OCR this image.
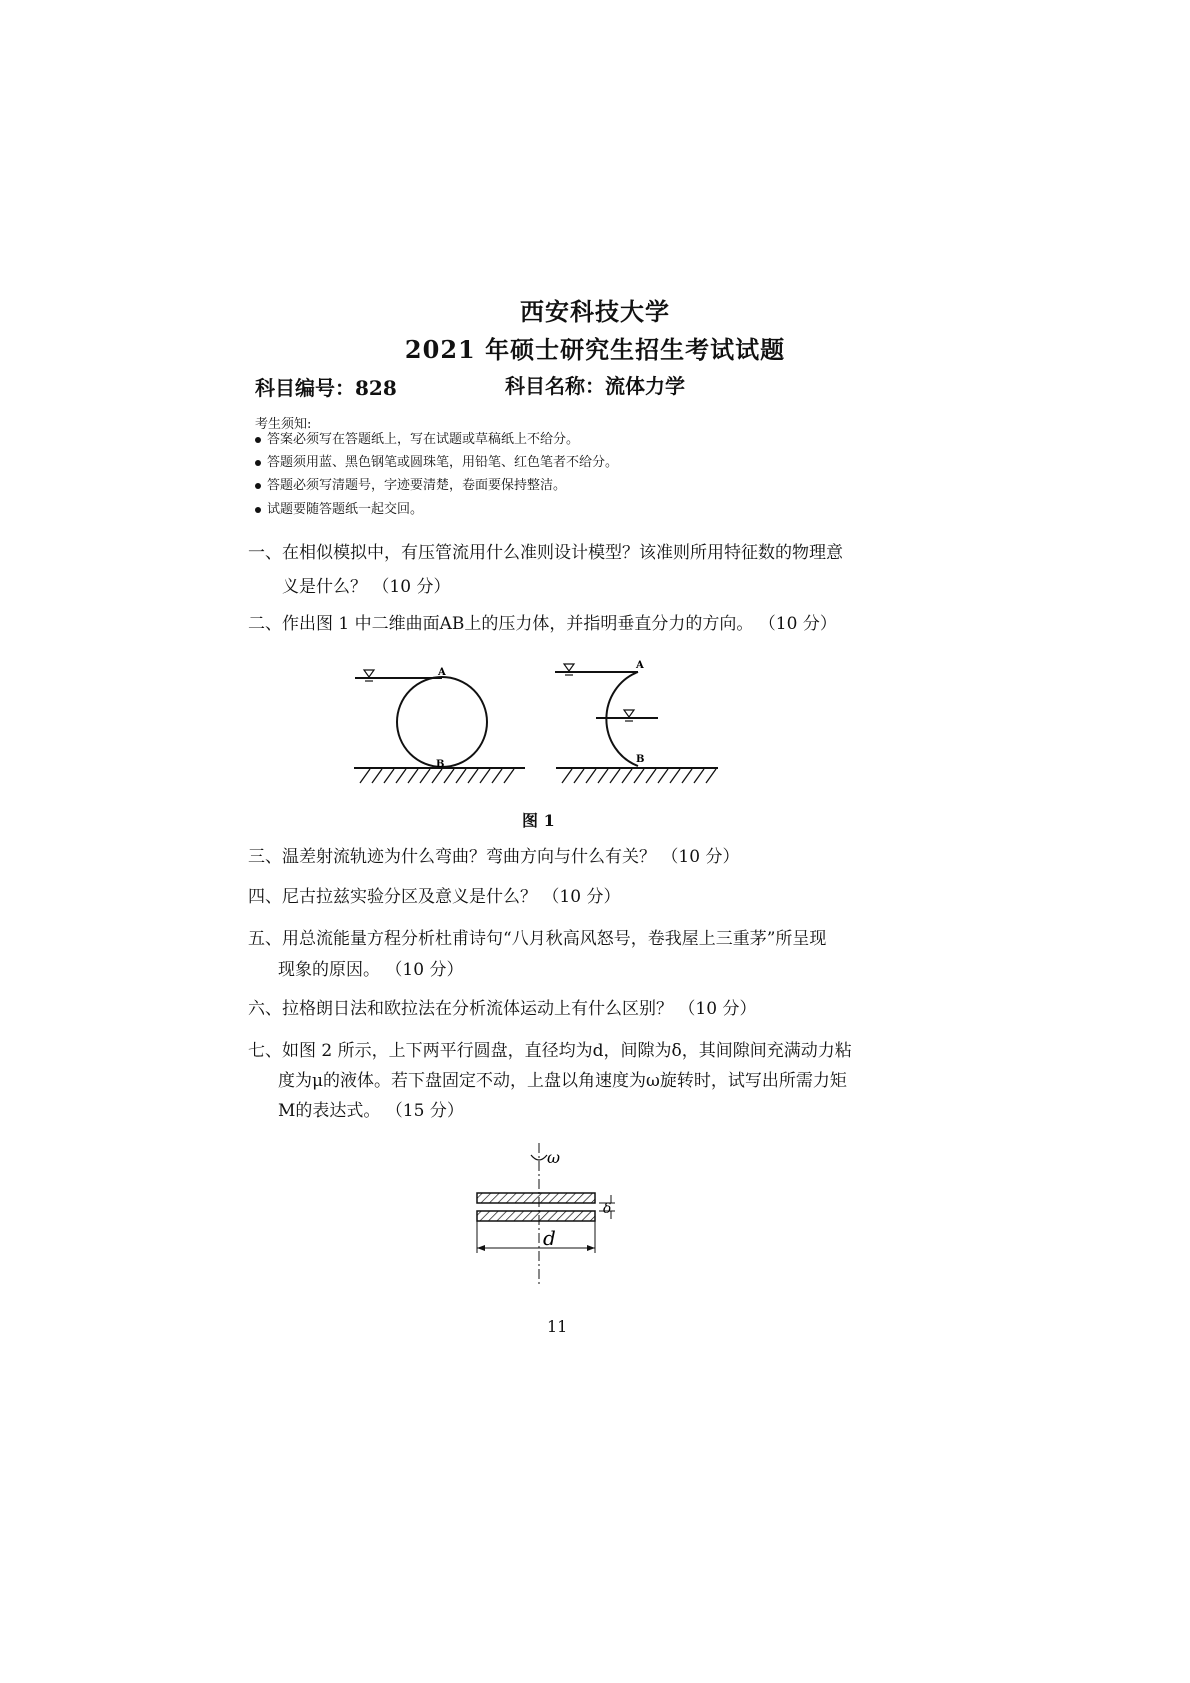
西安科技大学
2021 年硕士研究生招生考试试题
科目编号：828	科目名称：流体力学
考生须知:
答案必须写在答题纸上，写在试题或草稿纸上不给分。
答题须用蓝、黑色钢笔或圆珠笔，用铅笔、红色笔者不给分。
答题必须写清题号，字迹要清楚，卷面要保持整洁。
试题要随答题纸一起交回。
一、在相似模拟中，有压管流用什么准则设计模型？该准则所用特征数的物理意
义是什么？ （10 分）
二、作出图 1 中二维曲面AB上的压力体，并指明垂直分力的方向。 （10 分）
A
B
A
B
图 1
三、温差射流轨迹为什么弯曲？弯曲方向与什么有关？ （10 分）
四、尼古拉兹实验分区及意义是什么？ （10 分）
五、用总流能量方程分析杜甫诗句“八月秋高风怒号，卷我屋上三重茅”所呈现
现象的原因。 （10 分）
六、拉格朗日法和欧拉法在分析流体运动上有什么区别？ （10 分）
七、如图 2 所示，上下两平行圆盘，直径均为d，间隙为δ，其间隙间充满动力粘
度为μ的液体。若下盘固定不动，上盘以角速度为ω旋转时，试写出所需力矩
M的表达式。 （15 分）
ω
δ
d
11
